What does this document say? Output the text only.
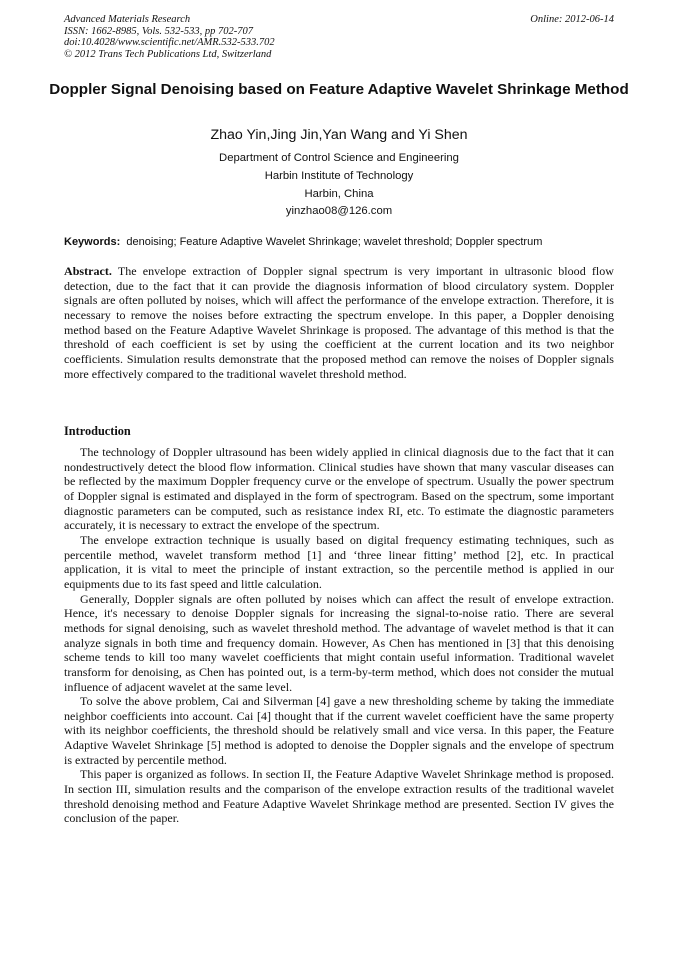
Advanced Materials Research
ISSN: 1662-8985, Vols. 532-533, pp 702-707
doi:10.4028/www.scientific.net/AMR.532-533.702
© 2012 Trans Tech Publications Ltd, Switzerland
Online: 2012-06-14
Doppler Signal Denoising based on Feature Adaptive Wavelet Shrinkage Method
Zhao Yin,Jing Jin,Yan Wang and Yi Shen
Department of Control Science and Engineering
Harbin Institute of Technology
Harbin, China
yinzhao08@126.com
Keywords: denoising; Feature Adaptive Wavelet Shrinkage; wavelet threshold; Doppler spectrum
Abstract. The envelope extraction of Doppler signal spectrum is very important in ultrasonic blood flow detection, due to the fact that it can provide the diagnosis information of blood circulatory system. Doppler signals are often polluted by noises, which will affect the performance of the envelope extraction. Therefore, it is necessary to remove the noises before extracting the spectrum envelope. In this paper, a Doppler denoising method based on the Feature Adaptive Wavelet Shrinkage is proposed. The advantage of this method is that the threshold of each coefficient is set by using the coefficient at the current location and its two neighbor coefficients. Simulation results demonstrate that the proposed method can remove the noises of Doppler signals more effectively compared to the traditional wavelet threshold method.
Introduction

The technology of Doppler ultrasound has been widely applied in clinical diagnosis due to the fact that it can nondestructively detect the blood flow information. Clinical studies have shown that many vascular diseases can be reflected by the maximum Doppler frequency curve or the envelope of spectrum. Usually the power spectrum of Doppler signal is estimated and displayed in the form of spectrogram. Based on the spectrum, some important diagnostic parameters can be computed, such as resistance index RI, etc. To estimate the diagnostic parameters accurately, it is necessary to extract the envelope of the spectrum.

The envelope extraction technique is usually based on digital frequency estimating techniques, such as percentile method, wavelet transform method [1] and ‘three linear fitting’ method [2], etc. In practical application, it is vital to meet the principle of instant extraction, so the percentile method is applied in our equipments due to its fast speed and little calculation.

Generally, Doppler signals are often polluted by noises which can affect the result of envelope extraction. Hence, it's necessary to denoise Doppler signals for increasing the signal-to-noise ratio. There are several methods for signal denoising, such as wavelet threshold method. The advantage of wavelet method is that it can analyze signals in both time and frequency domain. However, As Chen has mentioned in [3] that this denoising scheme tends to kill too many wavelet coefficients that might contain useful information. Traditional wavelet transform for denoising, as Chen has pointed out, is a term-by-term method, which does not consider the mutual influence of adjacent wavelet at the same level.

To solve the above problem, Cai and Silverman [4] gave a new thresholding scheme by taking the immediate neighbor coefficients into account. Cai [4] thought that if the current wavelet coefficient have the same property with its neighbor coefficients, the threshold should be relatively small and vice versa. In this paper, the Feature Adaptive Wavelet Shrinkage [5] method is adopted to denoise the Doppler signals and the envelope of spectrum is extracted by percentile method.

This paper is organized as follows. In section II, the Feature Adaptive Wavelet Shrinkage method is proposed. In section III, simulation results and the comparison of the envelope extraction results of the traditional wavelet threshold denoising method and Feature Adaptive Wavelet Shrinkage method are presented. Section IV gives the conclusion of the paper.
